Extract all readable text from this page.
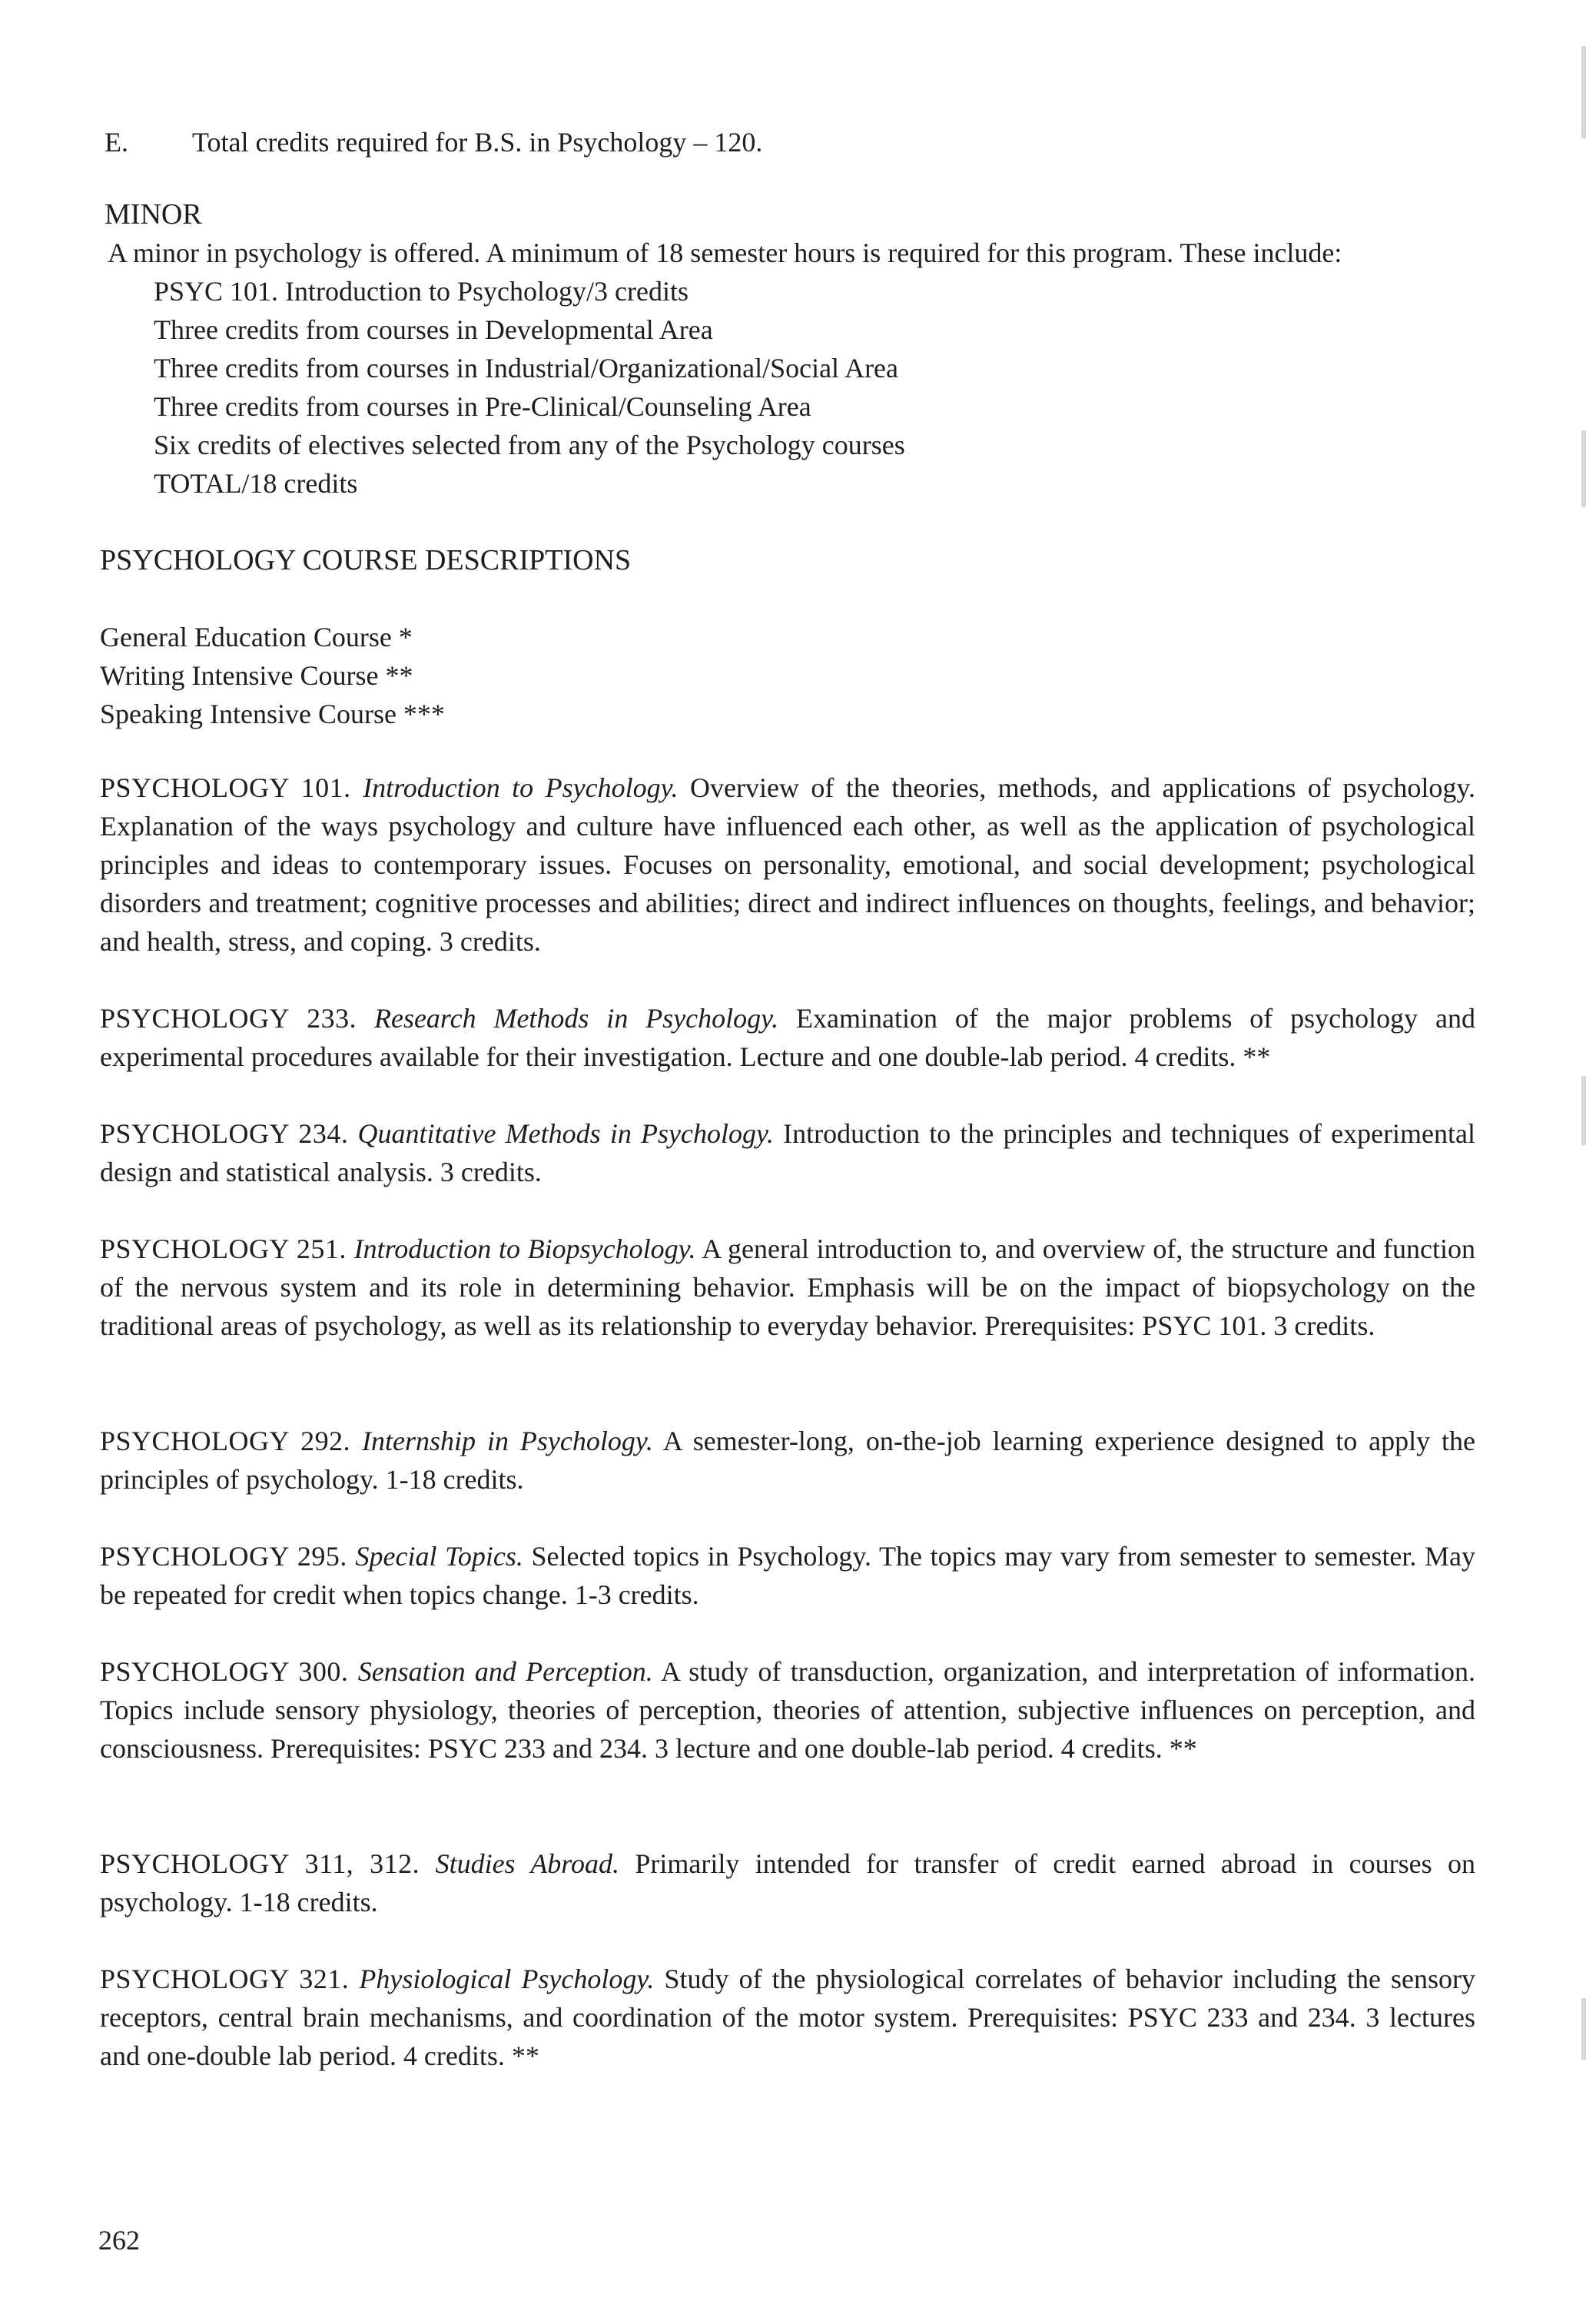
E. Total credits required for B.S. in Psychology – 120.
MINOR
A minor in psychology is offered. A minimum of 18 semester hours is required for this program. These include:
PSYC 101. Introduction to Psychology/3 credits
Three credits from courses in Developmental Area
Three credits from courses in Industrial/Organizational/Social Area
Three credits from courses in Pre-Clinical/Counseling Area
Six credits of electives selected from any of the Psychology courses
TOTAL/18 credits
PSYCHOLOGY COURSE DESCRIPTIONS
General Education Course *
Writing Intensive Course **
Speaking Intensive Course ***
PSYCHOLOGY 101. Introduction to Psychology. Overview of the theories, methods, and applications of psychology. Explanation of the ways psychology and culture have influenced each other, as well as the application of psychological principles and ideas to contemporary issues. Focuses on personality, emotional, and social development; psychological disorders and treatment; cognitive processes and abilities; direct and indirect influences on thoughts, feelings, and behavior; and health, stress, and coping. 3 credits.
PSYCHOLOGY 233. Research Methods in Psychology. Examination of the major problems of psychology and experimental procedures available for their investigation. Lecture and one double-lab period. 4 credits. **
PSYCHOLOGY 234. Quantitative Methods in Psychology. Introduction to the principles and techniques of experimental design and statistical analysis. 3 credits.
PSYCHOLOGY 251. Introduction to Biopsychology. A general introduction to, and overview of, the structure and function of the nervous system and its role in determining behavior. Emphasis will be on the impact of biopsychology on the traditional areas of psychology, as well as its relationship to everyday behavior. Prerequisites: PSYC 101. 3 credits.
PSYCHOLOGY 292. Internship in Psychology. A semester-long, on-the-job learning experience designed to apply the principles of psychology. 1-18 credits.
PSYCHOLOGY 295. Special Topics. Selected topics in Psychology. The topics may vary from semester to semester. May be repeated for credit when topics change. 1-3 credits.
PSYCHOLOGY 300. Sensation and Perception. A study of transduction, organization, and interpretation of information. Topics include sensory physiology, theories of perception, theories of attention, subjective influences on perception, and consciousness. Prerequisites: PSYC 233 and 234. 3 lecture and one double-lab period. 4 credits. **
PSYCHOLOGY 311, 312. Studies Abroad. Primarily intended for transfer of credit earned abroad in courses on psychology. 1-18 credits.
PSYCHOLOGY 321. Physiological Psychology. Study of the physiological correlates of behavior including the sensory receptors, central brain mechanisms, and coordination of the motor system. Prerequisites: PSYC 233 and 234. 3 lectures and one-double lab period. 4 credits. **
262
